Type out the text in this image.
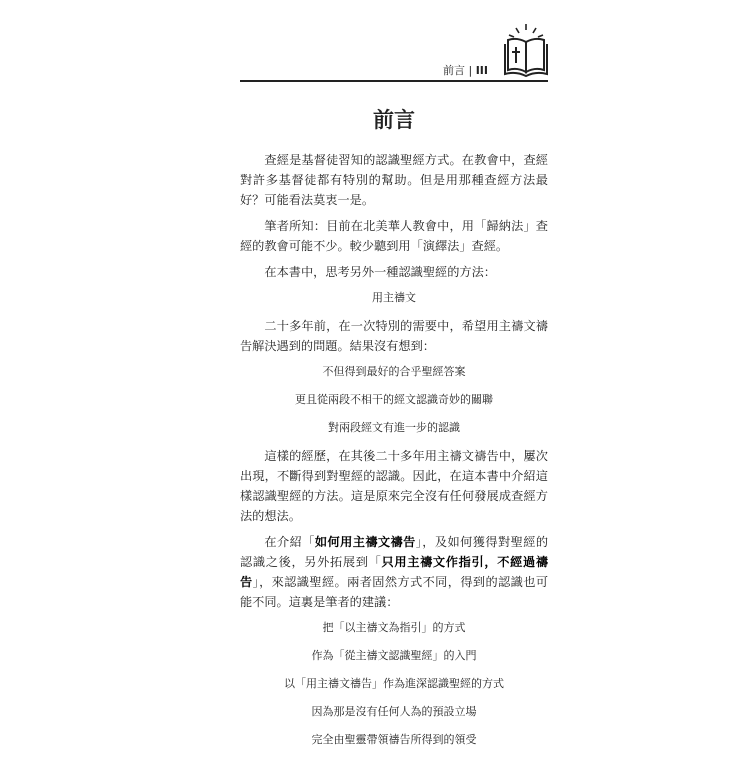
前言 | III
前言

查經是基督徒習知的認識聖經方式。在教會中，查經對許多基督徒都有特別的幫助。但是用那種查經方法最好？可能看法莫衷一是。

筆者所知：目前在北美華人教會中，用「歸納法」查經的教會可能不少。較少聽到用「演繹法」查經。

在本書中，思考另外一種認識聖經的方法：

用主禱文

二十多年前，在一次特別的需要中，希望用主禱文禱告解決遇到的問題。結果沒有想到：

不但得到最好的合乎聖經答案

更且從兩段不相干的經文認識奇妙的關聯

對兩段經文有進一步的認識

這樣的經歷，在其後二十多年用主禱文禱告中，屢次出現，不斷得到對聖經的認識。因此，在這本書中介紹這樣認識聖經的方法。這是原來完全沒有任何發展成查經方法的想法。

在介紹「如何用主禱文禱告」，及如何獲得對聖經的認識之後，另外拓展到「只用主禱文作指引，不經過禱告」，來認識聖經。兩者固然方式不同，得到的認識也可能不同。這裏是筆者的建議：

把「以主禱文為指引」的方式

作為「從主禱文認識聖經」的入門

以「用主禱文禱告」作為進深認識聖經的方式

因為那是沒有任何人為的預設立場

完全由聖靈帶領禱告所得到的領受
